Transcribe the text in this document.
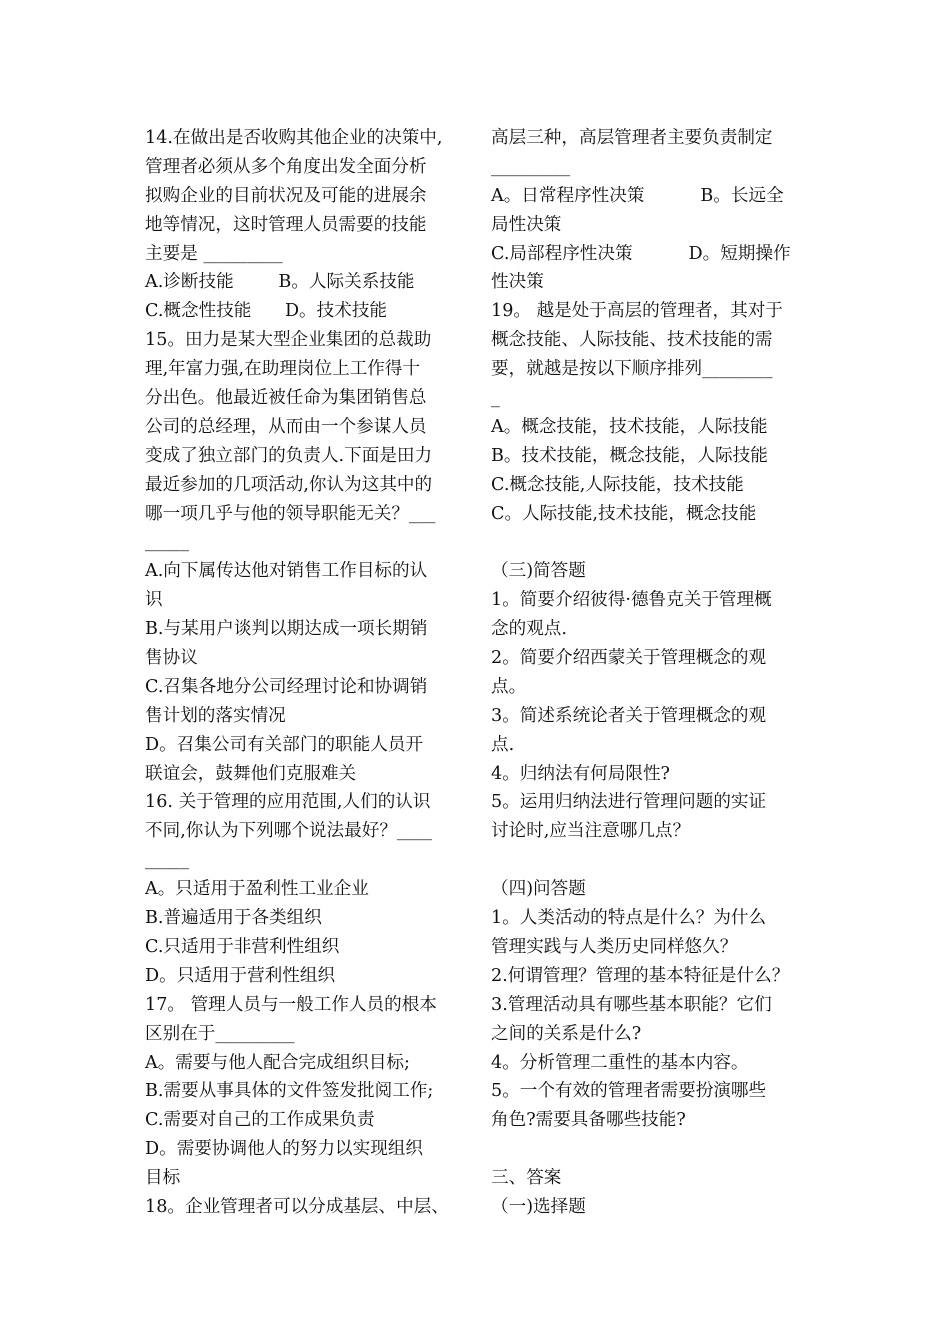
14.在做出是否收购其他企业的决策中,
管理者必须从多个角度出发全面分析
拟购企业的目前状况及可能的进展余
地等情况，这时管理人员需要的技能
主要是 _________
A.诊断技能        B。人际关系技能
C.概念性技能      D。技术技能
15。田力是某大型企业集团的总裁助
理,年富力强,在助理岗位上工作得十
分出色。他最近被任命为集团销售总
公司的总经理，从而由一个参谋人员
变成了独立部门的负责人.下面是田力
最近参加的几项活动,你认为这其中的
哪一项几乎与他的领导职能无关？___
_____
A.向下属传达他对销售工作目标的认
识
B.与某用户谈判以期达成一项长期销
售协议
C.召集各地分公司经理讨论和协调销
售计划的落实情况
D。召集公司有关部门的职能人员开
联谊会，鼓舞他们克服难关
16. 关于管理的应用范围,人们的认识
不同,你认为下列哪个说法最好？____
_____
A。只适用于盈利性工业企业
B.普遍适用于各类组织
C.只适用于非营利性组织
D。只适用于营利性组织
17。 管理人员与一般工作人员的根本
区别在于_________
A。需要与他人配合完成组织目标;
B.需要从事具体的文件签发批阅工作;
C.需要对自己的工作成果负责
D。需要协调他人的努力以实现组织
目标
18。企业管理者可以分成基层、中层、
高层三种，高层管理者主要负责制定
_________
A。日常程序性决策          B。长远全
局性决策
C.局部程序性决策          D。短期操作
性决策
19。 越是处于高层的管理者，其对于
概念技能、人际技能、技术技能的需
要，就越是按以下顺序排列________
_
A。概念技能，技术技能，人际技能
B。技术技能，概念技能，人际技能
C.概念技能,人际技能，技术技能
C。人际技能,技术技能，概念技能
（三)简答题
1。简要介绍彼得·德鲁克关于管理概
念的观点.
2。简要介绍西蒙关于管理概念的观
点。
3。简述系统论者关于管理概念的观
点.
4。归纳法有何局限性?
5。运用归纳法进行管理问题的实证
讨论时,应当注意哪几点？
（四)问答题
1。人类活动的特点是什么？为什么
管理实践与人类历史同样悠久？
2.何谓管理？管理的基本特征是什么？
3.管理活动具有哪些基本职能？它们
之间的关系是什么?
4。分析管理二重性的基本内容。
5。一个有效的管理者需要扮演哪些
角色?需要具备哪些技能?
三、答案
（一)选择题
